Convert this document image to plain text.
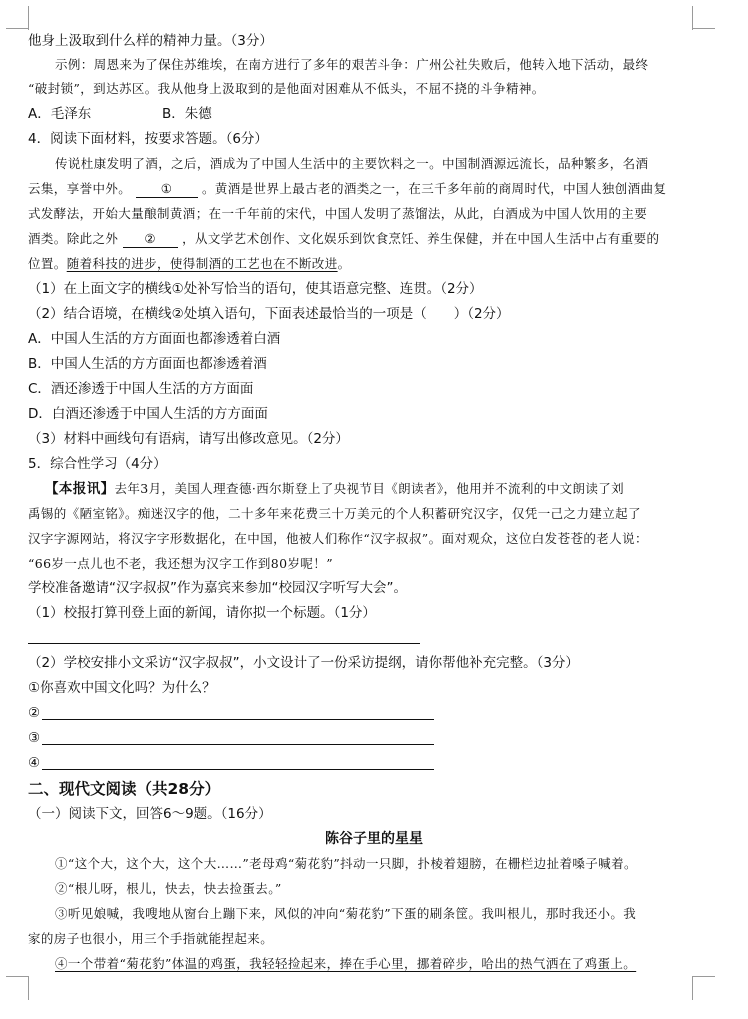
他身上汲取到什么样的精神力量。（3分）
示例：周恩来为了保住苏维埃，在南方进行了多年的艰苦斗争：广州公社失败后，他转入地下活动，最终
“破封锁”，到达苏区。我从他身上汲取到的是他面对困难从不低头，不屈不挠的斗争精神。
A．毛泽东	B．朱德
4．阅读下面材料，按要求答题。（6分）
传说杜康发明了酒，之后，酒成为了中国人生活中的主要饮料之一。中国制酒源远流长，品种繁多，名酒
云集，享誉中外。 ① 。黄酒是世界上最古老的酒类之一，在三千多年前的商周时代，中国人独创酒曲复
式发酵法，开始大量酿制黄酒；在一千年前的宋代，中国人发明了蒸馏法，从此，白酒成为中国人饮用的主要
酒类。除此之外 ② ，从文学艺术创作、文化娱乐到饮食烹饪、养生保健，并在中国人生活中占有重要的
位置。随着科技的进步，使得制酒的工艺也在不断改进。
（1）在上面文字的横线①处补写恰当的语句，使其语意完整、连贯。（2分）
（2）结合语境，在横线②处填入语句，下面表述最恰当的一项是（　　）（2分）
A．中国人生活的方方面面也都渗透着白酒
B．中国人生活的方方面面也都渗透着酒
C．酒还渗透于中国人生活的方方面面
D．白酒还渗透于中国人生活的方方面面
（3）材料中画线句有语病，请写出修改意见。（2分）
5．综合性学习（4分）
【本报讯】去年3月，美国人理查德·西尔斯登上了央视节目《朗读者》，他用并不流利的中文朗读了刘
禹锡的《陋室铭》。痴迷汉字的他，二十多年来花费三十万美元的个人积蓄研究汉字，仅凭一己之力建立起了
汉字字源网站，将汉字字形数据化，在中国，他被人们称作“汉字叔叔”。面对观众，这位白发苍苍的老人说：
“66岁一点儿也不老，我还想为汉字工作到80岁呢！”
学校准备邀请“汉字叔叔”作为嘉宾来参加“校园汉字听写大会”。
（1）校报打算刊登上面的新闻，请你拟一个标题。（1分）
（2）学校安排小文采访“汉字叔叔”，小文设计了一份采访提纲，请你帮他补充完整。（3分）
①你喜欢中国文化吗？为什么？
②
③
④
二、现代文阅读（共28分）
（一）阅读下文，回答6～9题。（16分）
陈谷子里的星星
①“这个大，这个大，这个大……”老母鸡“菊花豹”抖动一只脚，扑棱着翅膀，在栅栏边扯着嗓子喊着。
②“根儿呀，根儿，快去，快去捡蛋去。”
③听见娘喊，我嗖地从窗台上蹦下来，风似的冲向“菊花豹”下蛋的刷条筐。我叫根儿，那时我还小。我
家的房子也很小，用三个手指就能捏起来。
④一个带着“菊花豹”体温的鸡蛋，我轻轻捡起来，捧在手心里，挪着碎步，哈出的热气洒在了鸡蛋上。
